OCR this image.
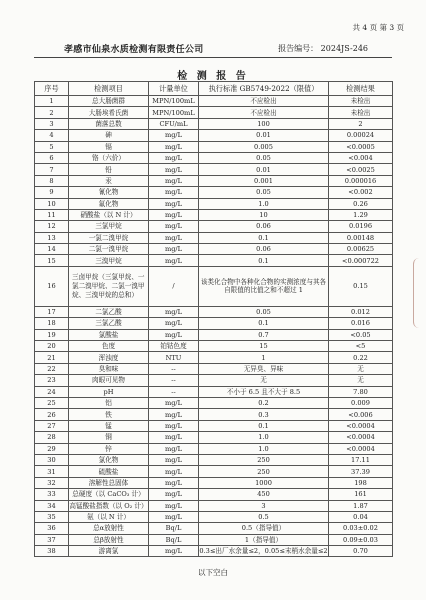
共 4 页 第 3 页
孝感市仙泉水质检测有限责任公司	报告编号： 2024JS-246
检 测 报 告
序号	检测项目	计量单位	执行标准 GB5749-2022（限值）	检测结果
1	总大肠菌群	MPN/100mL	不应检出	未检出
2	大肠埃希氏菌	MPN/100mL	不应检出	未检出
3	菌落总数	CFU/mL	100	2
4	砷	mg/L	0.01	0.00024
5	镉	mg/L	0.005	<0.0005
6	铬（六价）	mg/L	0.05	<0.004
7	铅	mg/L	0.01	<0.0025
8	汞	mg/L	0.001	0.000016
9	氰化物	mg/L	0.05	<0.002
10	氟化物	mg/L	1.0	0.26
11	硝酸盐（以 N 计）	mg/L	10	1.29
12	三氯甲烷	mg/L	0.06	0.0196
13	一氯二溴甲烷	mg/L	0.1	0.00148
14	二氯一溴甲烷	mg/L	0.06	0.00625
15	三溴甲烷	mg/L	0.1	<0.000722
16	三卤甲烷（三氯甲烷、一氯二溴甲烷、二氯一溴甲烷、三溴甲烷的总和）	/	该类化合物中各种化合物的实测浓度与其各自限值的比值之和不超过 1	0.15
17	二氯乙酸	mg/L	0.05	0.012
18	三氯乙酸	mg/L	0.1	0.016
19	氯酸盐	mg/L	0.7	<0.05
20	色度	铂钴色度	15	<5
21	浑浊度	NTU	1	0.22
22	臭和味	--	无异臭、异味	无
23	肉眼可见物	--	无	无
24	pH	--	不小于 6.5 且不大于 8.5	7.80
25	铝	mg/L	0.2	0.009
26	铁	mg/L	0.3	<0.006
27	锰	mg/L	0.1	<0.0004
28	铜	mg/L	1.0	<0.0004
29	锌	mg/L	1.0	<0.0004
30	氯化物	mg/L	250	17.11
31	硫酸盐	mg/L	250	37.39
32	溶解性总固体	mg/L	1000	198
33	总硬度（以 CaCO₃ 计）	mg/L	450	161
34	高锰酸盐指数（以 O₂ 计）	mg/L	3	1.87
35	氨（以 N 计）	mg/L	0.5	0.04
36	总α放射性	Bq/L	0.5（指导值）	0.03±0.02
37	总β放射性	Bq/L	1（指导值）	0.09±0.03
38	游离氯	mg/L	0.3≤出厂水余量≤2，0.05≤末梢水余量≤2	0.70
以下空白
